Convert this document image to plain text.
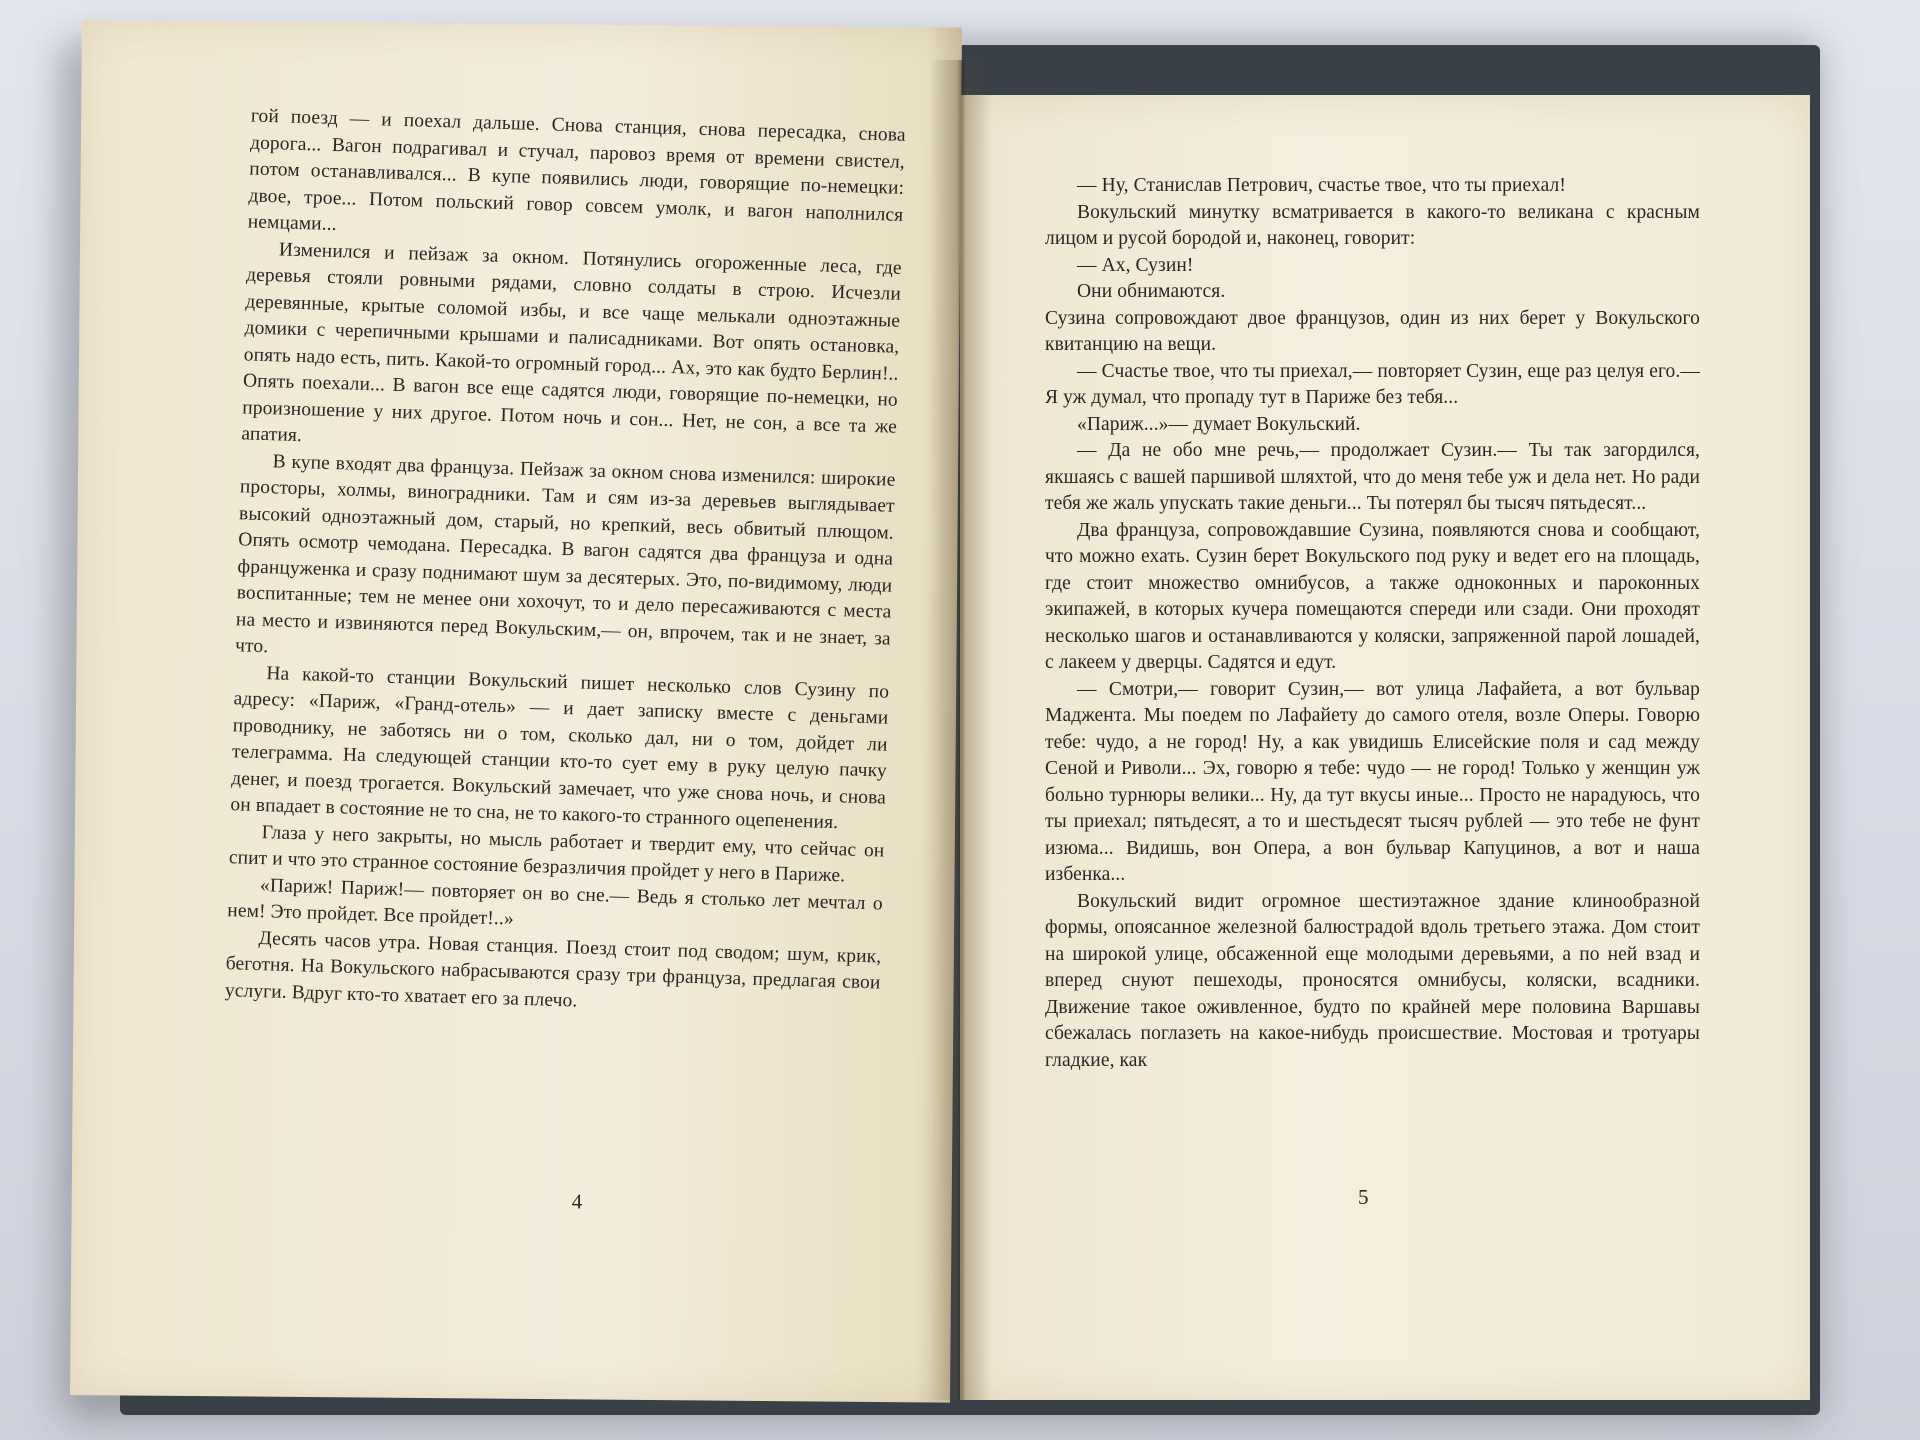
гой поезд — и поехал дальше. Снова станция, снова пересадка, снова дорога... Вагон подрагивал и стучал, паровоз время от времени свистел, потом останавливался... В купе появились люди, говорящие по-немецки: двое, трое... Потом польский говор совсем умолк, и вагон наполнился немцами...

Изменился и пейзаж за окном. Потянулись огороженные леса, где деревья стояли ровными рядами, словно солдаты в строю. Исчезли деревянные, крытые соломой избы, и все чаще мелькали одноэтажные домики с черепичными крышами и палисадниками. Вот опять остановка, опять надо есть, пить. Какой-то огромный город... Ах, это как будто Берлин!.. Опять поехали... В вагон все еще садятся люди, говорящие по-немецки, но произношение у них другое. Потом ночь и сон... Нет, не сон, а все та же апатия.

В купе входят два француза. Пейзаж за окном снова изменился: широкие просторы, холмы, виноградники. Там и сям из-за деревьев выглядывает высокий одноэтажный дом, старый, но крепкий, весь обвитый плющом. Опять осмотр чемодана. Пересадка. В вагон садятся два француза и одна француженка и сразу поднимают шум за десятерых. Это, по-видимому, люди воспитанные; тем не менее они хохочут, то и дело пересаживаются с места на место и извиняются перед Вокульским,— он, впрочем, так и не знает, за что.

На какой-то станции Вокульский пишет несколько слов Сузину по адресу: «Париж, «Гранд-отель» — и дает записку вместе с деньгами проводнику, не заботясь ни о том, сколько дал, ни о том, дойдет ли телеграмма. На следующей станции кто-то сует ему в руку целую пачку денег, и поезд трогается. Вокульский замечает, что уже снова ночь, и снова он впадает в состояние не то сна, не то какого-то странного оцепенения.

Глаза у него закрыты, но мысль работает и твердит ему, что сейчас он спит и что это странное состояние безразличия пройдет у него в Париже.

«Париж! Париж!— повторяет он во сне.— Ведь я столько лет мечтал о нем! Это пройдет. Все пройдет!..»

Десять часов утра. Новая станция. Поезд стоит под сводом; шум, крик, беготня. На Вокульского набрасываются сразу три француза, предлагая свои услуги. Вдруг кто-то хватает его за плечо.

4

— Ну, Станислав Петрович, счастье твое, что ты приехал!

Вокульский минутку всматривается в какого-то великана с красным лицом и русой бородой и, наконец, говорит:

— Ах, Сузин!

Они обнимаются.

Сузина сопровождают двое французов, один из них берет у Вокульского квитанцию на вещи.

— Счастье твое, что ты приехал,— повторяет Сузин, еще раз целуя его.— Я уж думал, что пропаду тут в Париже без тебя...

«Париж...»— думает Вокульский.

— Да не обо мне речь,— продолжает Сузин.— Ты так загордился, якшаясь с вашей паршивой шляхтой, что до меня тебе уж и дела нет. Но ради тебя же жаль упускать такие деньги... Ты потерял бы тысяч пятьдесят...

Два француза, сопровождавшие Сузина, появляются снова и сообщают, что можно ехать. Сузин берет Вокульского под руку и ведет его на площадь, где стоит множество омнибусов, а также одноконных и пароконных экипажей, в которых кучера помещаются спереди или сзади. Они проходят несколько шагов и останавливаются у коляски, запряженной парой лошадей, с лакеем у дверцы. Садятся и едут.

— Смотри,— говорит Сузин,— вот улица Лафайета, а вот бульвар Маджента. Мы поедем по Лафайету до самого отеля, возле Оперы. Говорю тебе: чудо, а не город! Ну, а как увидишь Елисейские поля и сад между Сеной и Риволи... Эх, говорю я тебе: чудо — не город! Только у женщин уж больно турнюры велики... Ну, да тут вкусы иные... Просто не нарадуюсь, что ты приехал; пятьдесят, а то и шестьдесят тысяч рублей — это тебе не фунт изюма... Видишь, вон Опера, а вон бульвар Капуцинов, а вот и наша избенка...

Вокульский видит огромное шестиэтажное здание клинообразной формы, опоясанное железной балюстрадой вдоль третьего этажа. Дом стоит на широкой улице, обсаженной еще молодыми деревьями, а по ней взад и вперед снуют пешеходы, проносятся омнибусы, коляски, всадники. Движение такое оживленное, будто по крайней мере половина Варшавы сбежалась поглазеть на какое-нибудь происшествие. Мостовая и тротуары гладкие, как

5
